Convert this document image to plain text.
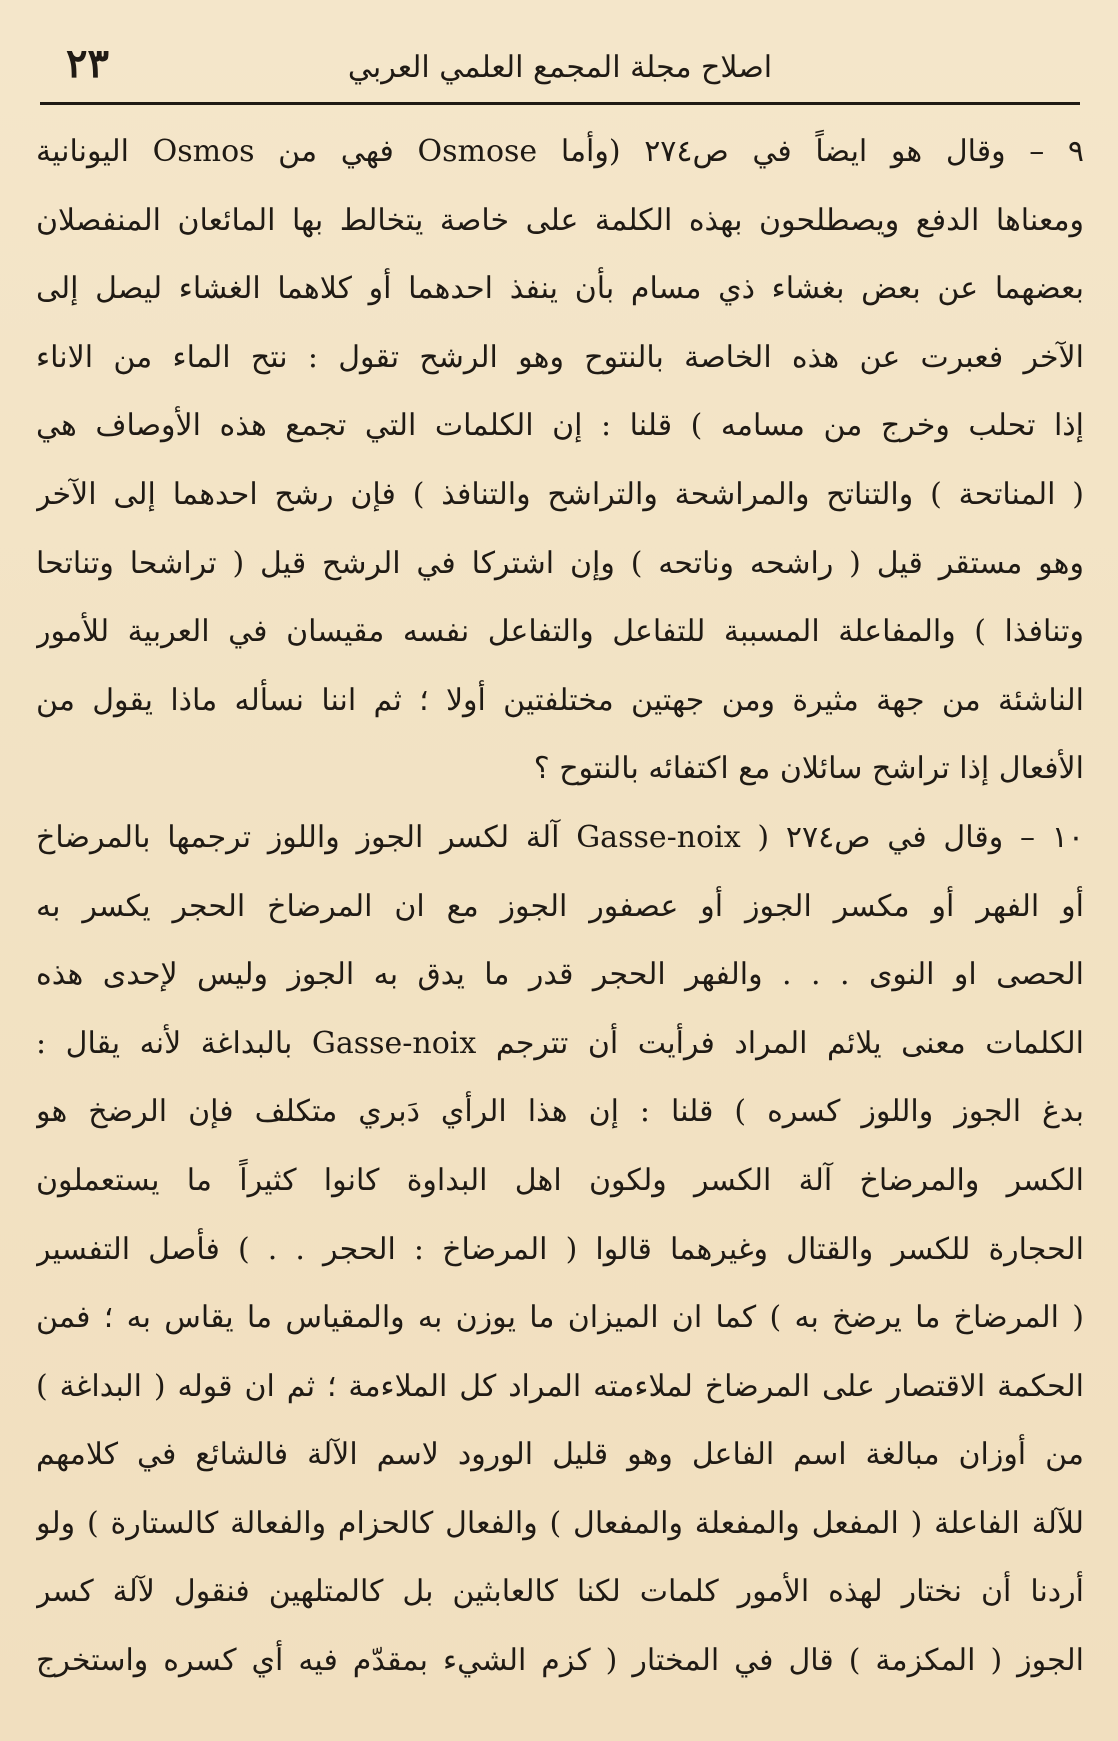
٢٣	اصلاح مجلة المجمع العلمي العربي
٩ – وقال هو ايضاً في ص٢٧٤ (وأما Osmose فهي من Osmos اليونانية
ومعناها الدفع ويصطلحون بهذه الكلمة على خاصة يتخالط بها المائعان المنفصلان
بعضهما عن بعض بغشاء ذي مسام بأن ينفذ احدهما أو كلاهما الغشاء ليصل إلى
الآخر فعبرت عن هذه الخاصة بالنتوح وهو الرشح تقول : نتح الماء من الاناء
إذا تحلب وخرج من مسامه ) قلنا : إن الكلمات التي تجمع هذه الأوصاف هي
( المناتحة ) والتناتح والمراشحة والتراشح والتنافذ ) فإن رشح احدهما إلى الآخر
وهو مستقر قيل ( راشحه وناتحه ) وإن اشتركا في الرشح قيل ( تراشحا وتناتحا
وتنافذا ) والمفاعلة المسببة للتفاعل والتفاعل نفسه مقيسان في العربية للأمور
الناشئة من جهة مثيرة ومن جهتين مختلفتين أولا ؛ ثم اننا نسأله ماذا يقول من
الأفعال إذا تراشح سائلان مع اكتفائه بالنتوح ؟
١٠ – وقال في ص٢٧٤ ( Gasse-noix آلة لكسر الجوز واللوز ترجمها بالمرضاخ
أو الفهر أو مكسر الجوز أو عصفور الجوز مع ان المرضاخ الحجر يكسر به
الحصى او النوى . . . والفهر الحجر قدر ما يدق به الجوز وليس لإحدى هذه
الكلمات معنى يلائم المراد فرأيت أن تترجم Gasse-noix بالبداغة لأنه يقال :
بدغ الجوز واللوز كسره ) قلنا : إن هذا الرأي دَبري متكلف فإن الرضخ هو
الكسر والمرضاخ آلة الكسر ولكون اهل البداوة كانوا كثيراً ما يستعملون
الحجارة للكسر والقتال وغيرهما قالوا ( المرضاخ : الحجر . . ) فأصل التفسير
( المرضاخ ما يرضخ به ) كما ان الميزان ما يوزن به والمقياس ما يقاس به ؛ فمن
الحكمة الاقتصار على المرضاخ لملاءمته المراد كل الملاءمة ؛ ثم ان قوله ( البداغة )
من أوزان مبالغة اسم الفاعل وهو قليل الورود لاسم الآلة فالشائع في كلامهم
للآلة الفاعلة ( المفعل والمفعلة والمفعال ) والفعال كالحزام والفعالة كالستارة ) ولو
أردنا أن نختار لهذه الأمور كلمات لكنا كالعابثين بل كالمتلهين فنقول لآلة كسر
الجوز ( المكزمة ) قال في المختار ( كزم الشيء بمقدّم فيه أي كسره واستخرج
